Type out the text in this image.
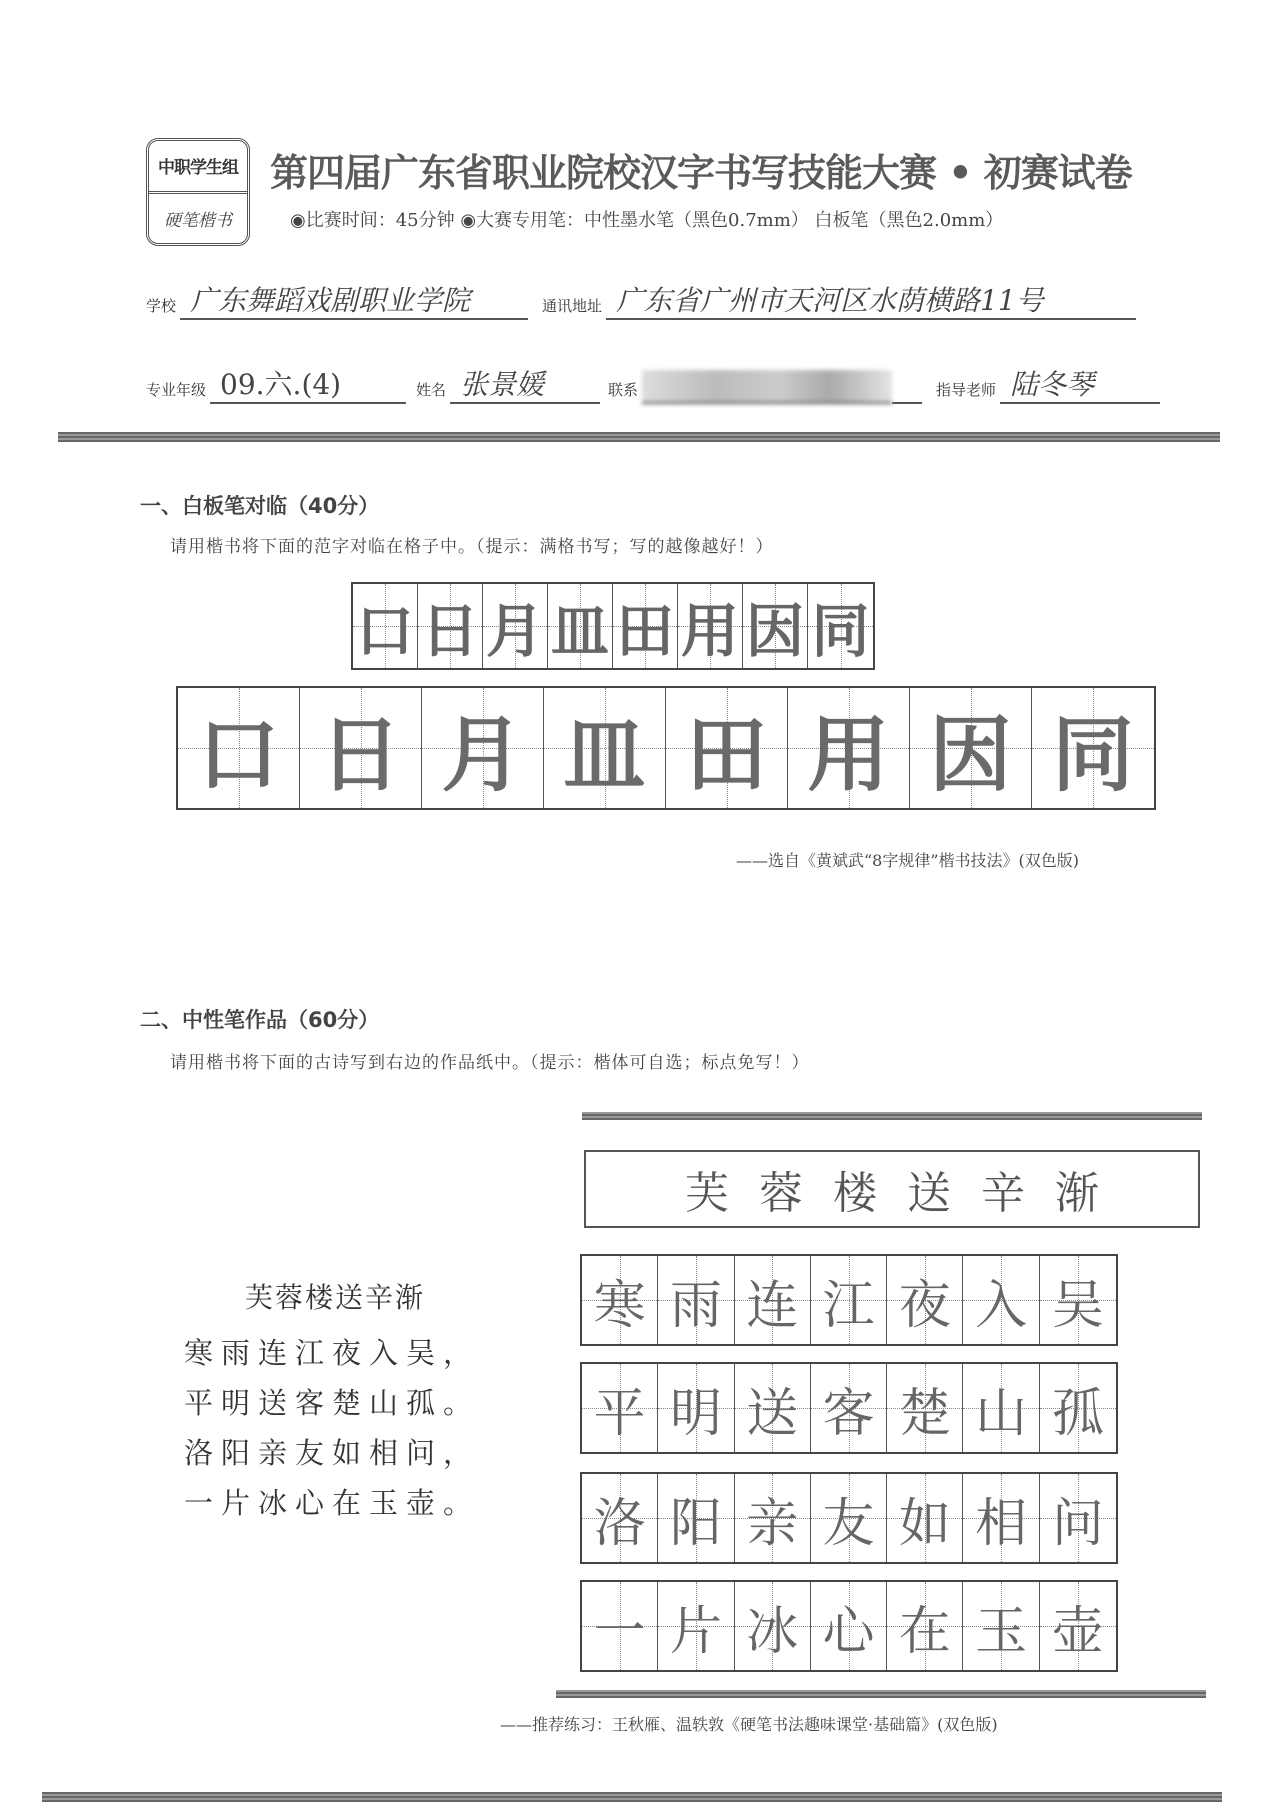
中职学生组
硬笔楷书
第四届广东省职业院校汉字书写技能大赛 • 初赛试卷
◉比赛时间：45分钟 ◉大赛专用笔：中性墨水笔（黑色0.7mm） 白板笔（黑色2.0mm）
学校 广东舞蹈戏剧职业学院	通讯地址 广东省广州市天河区水荫横路11号
专业年级 09.六.(4)	姓名 张景媛	联系	指导老师 陆冬琴
一、白板笔对临（40分）
请用楷书将下面的范字对临在格子中。（提示：满格书写；写的越像越好！）
口 日 月 皿 田 用 因 同
口 日 月 皿 田 用 因 同
——选自《黄斌武“8字规律”楷书技法》(双色版)
二、中性笔作品（60分）
请用楷书将下面的古诗写到右边的作品纸中。（提示：楷体可自选；标点免写！）
芙蓉楼送辛渐
寒雨连江夜入吴，
平明送客楚山孤。
洛阳亲友如相问，
一片冰心在玉壶。
芙蓉楼送辛渐
寒 雨 连 江 夜 入 吴
平 明 送 客 楚 山 孤
洛 阳 亲 友 如 相 问
一 片 冰 心 在 玉 壶
——推荐练习：王秋雁、温轶敦《硬笔书法趣味课堂·基础篇》(双色版)
